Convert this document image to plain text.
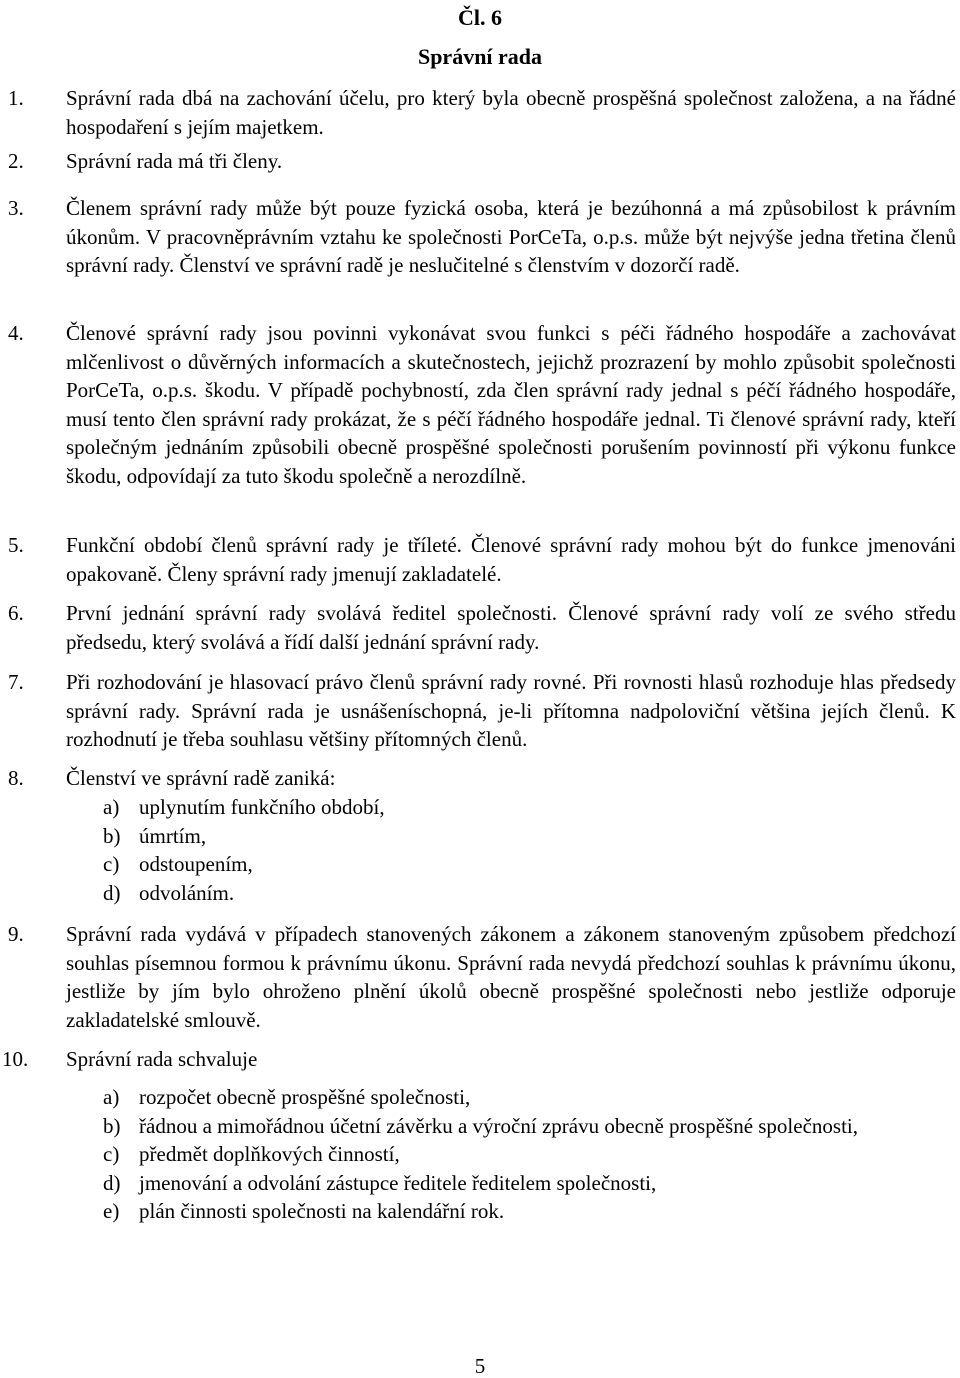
Čl. 6
Správní rada
1. Správní rada dbá na zachování účelu, pro který byla obecně prospěšná společnost založena, a na řádné hospodaření s jejím majetkem.
2. Správní rada má tři členy.
3. Členem správní rady může být pouze fyzická osoba, která je bezúhonná a má způsobilost k právním úkonům. V pracovněprávním vztahu ke společnosti PorCeTa, o.p.s. může být nejvýše jedna třetina členů správní rady. Členství ve správní radě je neslučitelné s členstvím v dozorčí radě.
4. Členové správní rady jsou povinni vykonávat svou funkci s péči řádného hospodáře a zachovávat mlčenlivost o důvěrných informacích a skutečnostech, jejichž prozrazení by mohlo způsobit společnosti PorCeTa, o.p.s. škodu. V případě pochybností, zda člen správní rady jednal s péčí řádného hospodáře, musí tento člen správní rady prokázat, že s péčí řádného hospodáře jednal. Ti členové správní rady, kteří společným jednáním způsobili obecně prospěšné společnosti porušením povinností při výkonu funkce škodu, odpovídají za tuto škodu společně a nerozdílně.
5. Funkční období členů správní rady je tříleté. Členové správní rady mohou být do funkce jmenováni opakovaně. Členy správní rady jmenují zakladatelé.
6. První jednání správní rady svolává ředitel společnosti. Členové správní rady volí ze svého středu předsedu, který svolává a řídí další jednání správní rady.
7. Při rozhodování je hlasovací právo členů správní rady rovné. Při rovnosti hlasů rozhoduje hlas předsedy správní rady. Správní rada je usnášeníschopná, je-li přítomna nadpoloviční většina jejích členů. K rozhodnutí je třeba souhlasu většiny přítomných členů.
8. Členství ve správní radě zaniká:
a) uplynutím funkčního období,
b) úmrtím,
c) odstoupením,
d) odvoláním.
9. Správní rada vydává v případech stanovených zákonem a zákonem stanoveným způsobem předchozí souhlas písemnou formou k právnímu úkonu. Správní rada nevydá předchozí souhlas k právnímu úkonu, jestliže by jím bylo ohroženo plnění úkolů obecně prospěšné společnosti nebo jestliže odporuje zakladatelské smlouvě.
10. Správní rada schvaluje
a) rozpočet obecně prospěšné společnosti,
b) řádnou a mimořádnou účetní závěrku a výroční zprávu obecně prospěšné společnosti,
c) předmět doplňkových činností,
d) jmenování a odvolání zástupce ředitele ředitelem společnosti,
e) plán činnosti společnosti na kalendářní rok.
5
